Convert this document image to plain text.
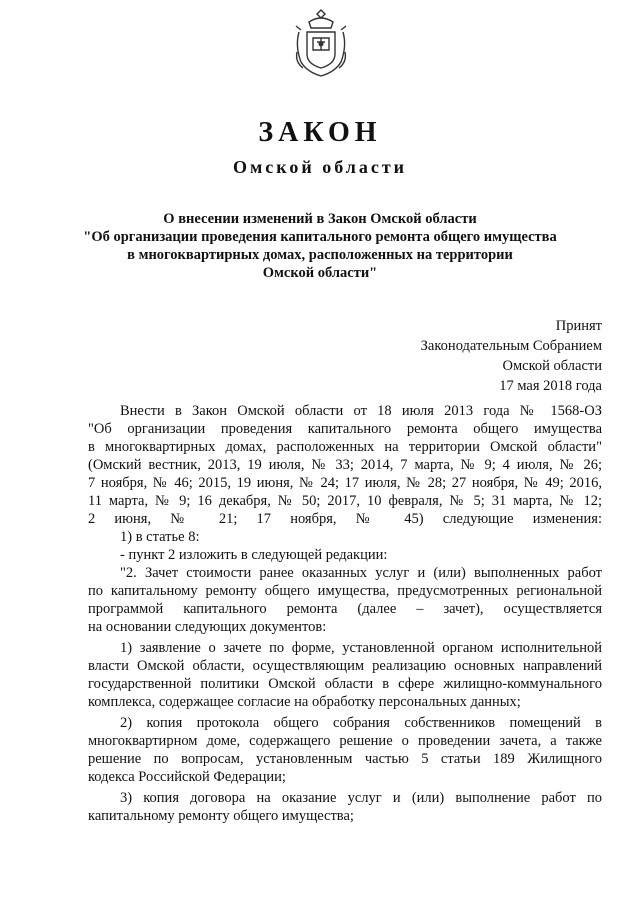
ЗАКОН
Омской области
О внесении изменений в Закон Омской области
"Об организации проведения капитального ремонта общего имущества
в многоквартирных домах, расположенных на территории
Омской области"
Принят
Законодательным Собранием
Омской области
17 мая 2018 года
Внести в Закон Омской области от 18 июля 2013 года № 1568-ОЗ
"Об организации проведения капитального ремонта общего имущества
в многоквартирных домах, расположенных на территории Омской области"
(Омский вестник, 2013, 19 июля, № 33; 2014, 7 марта, № 9; 4 июля, № 26;
7 ноября, № 46; 2015, 19 июня, № 24; 17 июля, № 28; 27 ноября, № 49; 2016,
11 марта, № 9; 16 декабря, № 50; 2017, 10 февраля, № 5; 31 марта, № 12;
2 июня, № 21; 17 ноября, № 45) следующие изменения:
1) в статье 8:
- пункт 2 изложить в следующей редакции:
"2. Зачет стоимости ранее оказанных услуг и (или) выполненных работ
по капитальному ремонту общего имущества, предусмотренных региональной
программой капитального ремонта (далее – зачет), осуществляется
на основании следующих документов:
1) заявление о зачете по форме, установленной органом исполнительной
власти Омской области, осуществляющим реализацию основных направлений
государственной политики Омской области в сфере жилищно-коммунального
комплекса, содержащее согласие на обработку персональных данных;
2) копия протокола общего собрания собственников помещений в
многоквартирном доме, содержащего решение о проведении зачета, а также
решение по вопросам, установленным частью 5 статьи 189 Жилищного
кодекса Российской Федерации;
3) копия договора на оказание услуг и (или) выполнение работ по
капитальному ремонту общего имущества;
